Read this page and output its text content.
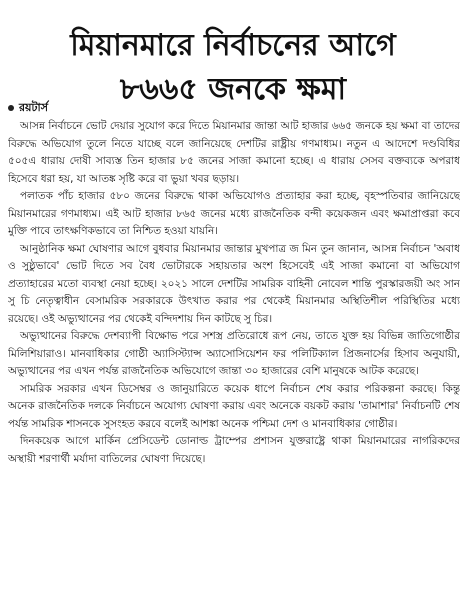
মিয়ানমারে নির্বাচনের আগে
৮৬৬৫ জনকে ক্ষমা
রয়টার্স

আসন্ন নির্বাচনে ভোট দেয়ার সুযোগ করে দিতে মিয়ানমার জান্তা আট হাজার ৬৬৫ জনকে হয় ক্ষমা বা তাদের বিরুদ্ধে অভিযোগ তুলে নিতে যাচ্ছে বলে জানিয়েছে দেশটির রাষ্ট্রীয় গণমাধ্যম। নতুন এ আদেশে দণ্ডবিধির ৫০৫এ ধারায় দোষী সাব্যস্ত তিন হাজার ৮৫ জনের সাজা কমানো হচ্ছে। এ ধারায় সেসব বক্তব্যকে অপরাধ হিসেবে ধরা হয়, যা আতঙ্ক সৃষ্টি করে বা ভুয়া খবর ছড়ায়।

পলাতক পাঁচ হাজার ৫৮০ জনের বিরুদ্ধে থাকা অভিযোগও প্রত্যাহার করা হচ্ছে, বৃহস্পতিবার জানিয়েছে মিয়ানমারের গণমাধ্যম। এই আট হাজার ৮৬৫ জনের মধ্যে রাজনৈতিক বন্দী কয়েকজন এবং ক্ষমাপ্রাপ্তরা কবে মুক্তি পাবে তাৎক্ষণিকভাবে তা নিশ্চিত হওয়া যায়নি।

আনুষ্ঠানিক ক্ষমা ঘোষণার আগে বুধবার মিয়ানমার জান্তার মুখপাত্র জ মিন তুন জানান, আসন্ন নির্বাচন 'অবাধ ও সুষ্ঠুভাবে' ভোট দিতে সব বৈধ ভোটারকে সহায়তার অংশ হিসেবেই এই সাজা কমানো বা অভিযোগ প্রত্যাহারের মতো ব্যবস্থা নেয়া হচ্ছে। ২০২১ সালে দেশটির সামরিক বাহিনী নোবেল শান্তি পুরস্কারজয়ী অং সান সু চি নেতৃত্বাধীন বেসামরিক সরকারকে উৎখাত করার পর থেকেই মিয়ানমার অস্থিতিশীল পরিস্থিতির মধ্যে রয়েছে। ওই অভ্যুত্থানের পর থেকেই বন্দিদশায় দিন কাটছে সু চির।

অভ্যুত্থানের বিরুদ্ধে দেশব্যাপী বিক্ষোভ পরে সশস্ত্র প্রতিরোধে রূপ নেয়, তাতে যুক্ত হয় বিভিন্ন জাতিগোষ্ঠীর মিলিশিয়ারাও। মানবাধিকার গোষ্ঠী অ্যাসিস্ট্যান্স অ্যাসোসিয়েশন ফর পলিটিক্যাল প্রিজনার্সের হিসাব অনুযায়ী, অভ্যুত্থানের পর এখন পর্যন্ত রাজনৈতিক অভিযোগে জান্তা ৩০ হাজারের বেশি মানুষকে আটক করেছে।

সামরিক সরকার এখন ডিসেম্বর ও জানুয়ারিতে কয়েক ধাপে নির্বাচন শেষ করার পরিকল্পনা করছে। কিন্তু অনেক রাজনৈতিক দলকে নির্বাচনে অযোগ্য ঘোষণা করায় এবং অনেকে বয়কট করায় 'তামাশার' নির্বাচনটি শেষ পর্যন্ত সামরিক শাসনকে সুসংহত করবে বলেই আশঙ্কা অনেক পশ্চিমা দেশ ও মানবাধিকার গোষ্ঠীর।

দিনকয়েক আগে মার্কিন প্রেসিডেন্ট ডোনাল্ড ট্রাম্পের প্রশাসন যুক্তরাষ্ট্রে থাকা মিয়ানমারের নাগরিকদের অস্থায়ী শরণার্থী মর্যাদা বাতিলের ঘোষণা দিয়েছে।
